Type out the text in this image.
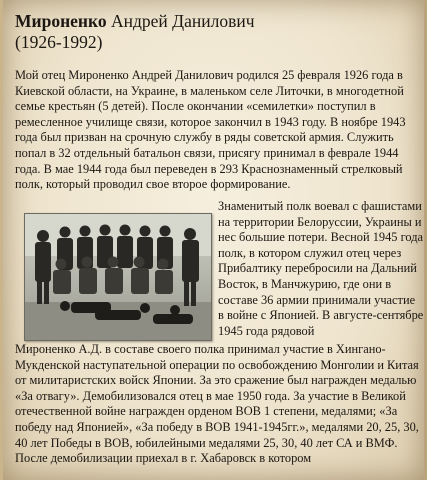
Мироненко Андрей Данилович
(1926-1992)
Мой отец Мироненко Андрей Данилович родился 25 февраля 1926 года в Киевской области, на Украине, в маленьком селе Литочки, в многодетной семье крестьян (5 детей). После окончании «семилетки» поступил в ремесленное училище связи, которое закончил в 1943 году. В ноябре 1943 года был призван на срочную службу в ряды советской армия. Служить попал в 32 отдельный батальон связи, присягу принимал в феврале 1944 года. В мае 1944 года был переведен в 293 Краснознаменный стрелковый полк, который проводил свое второе формирование.
Знаменитый полк воевал с фашистами на территории Белоруссии, Украины и нес большие потери. Весной 1945 года полк, в котором служил отец через Прибалтику перебросили на Дальний Восток, в Манчжурию, где они в составе 36 армии принимали участие в войне с Японией. В августе-сентябре 1945 года рядовой
Мироненко А.Д. в составе своего полка принимал участие в Хингано-Мукденской наступательной операции по освобождению Монголии и Китая от милитаристских войск Японии. За это сражение был награжден медалью «За отвагу». Демобилизовался отец в мае 1950 года. За участие в Великой отечественной войне награжден орденом ВОВ 1 степени, медалями; «За победу над Японией», «За победу в ВОВ 1941-1945гг.», медалями 20, 25, 30, 40 лет Победы в ВОВ, юбилейными медалями 25, 30, 40 лет СА и ВМФ. После демобилизации приехал в г. Хабаровск в котором
